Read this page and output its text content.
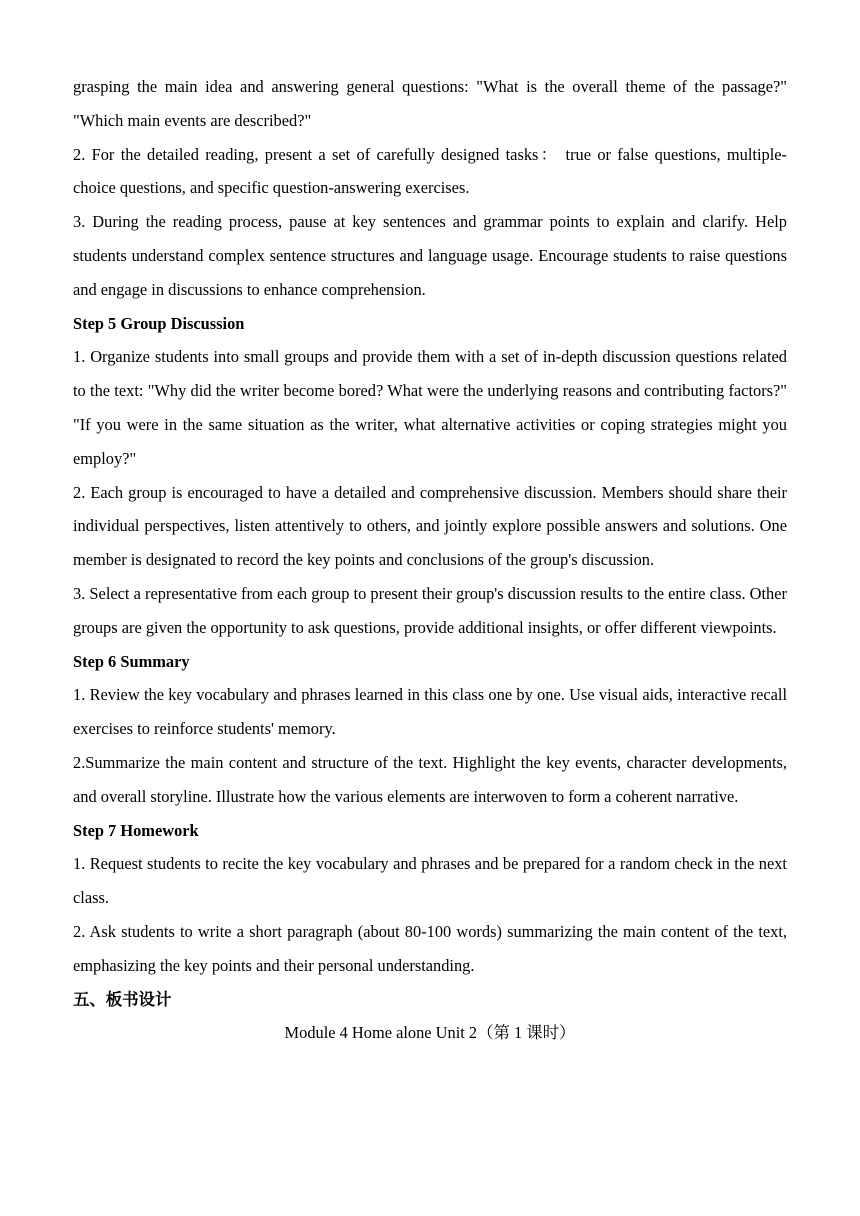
grasping the main idea and answering general questions: "What is the overall theme of the passage?" "Which main events are described?"

2. For the detailed reading, present a set of carefully designed tasks： true or false questions, multiple-choice questions, and specific question-answering exercises.

3. During the reading process, pause at key sentences and grammar points to explain and clarify. Help students understand complex sentence structures and language usage. Encourage students to raise questions and engage in discussions to enhance comprehension.

Step 5 Group Discussion

1. Organize students into small groups and provide them with a set of in-depth discussion questions related to the text: "Why did the writer become bored? What were the underlying reasons and contributing factors?" "If you were in the same situation as the writer, what alternative activities or coping strategies might you employ?"

2. Each group is encouraged to have a detailed and comprehensive discussion. Members should share their individual perspectives, listen attentively to others, and jointly explore possible answers and solutions. One member is designated to record the key points and conclusions of the group's discussion.

3. Select a representative from each group to present their group's discussion results to the entire class. Other groups are given the opportunity to ask questions, provide additional insights, or offer different viewpoints.

Step 6 Summary

1. Review the key vocabulary and phrases learned in this class one by one. Use visual aids, interactive recall exercises to reinforce students' memory.

2.Summarize the main content and structure of the text. Highlight the key events, character developments, and overall storyline. Illustrate how the various elements are interwoven to form a coherent narrative.

Step 7 Homework

1. Request students to recite the key vocabulary and phrases and be prepared for a random check in the next class.

2. Ask students to write a short paragraph (about 80-100 words) summarizing the main content of the text, emphasizing the key points and their personal understanding.

五、板书设计

Module 4 Home alone Unit 2（第 1 课时）
